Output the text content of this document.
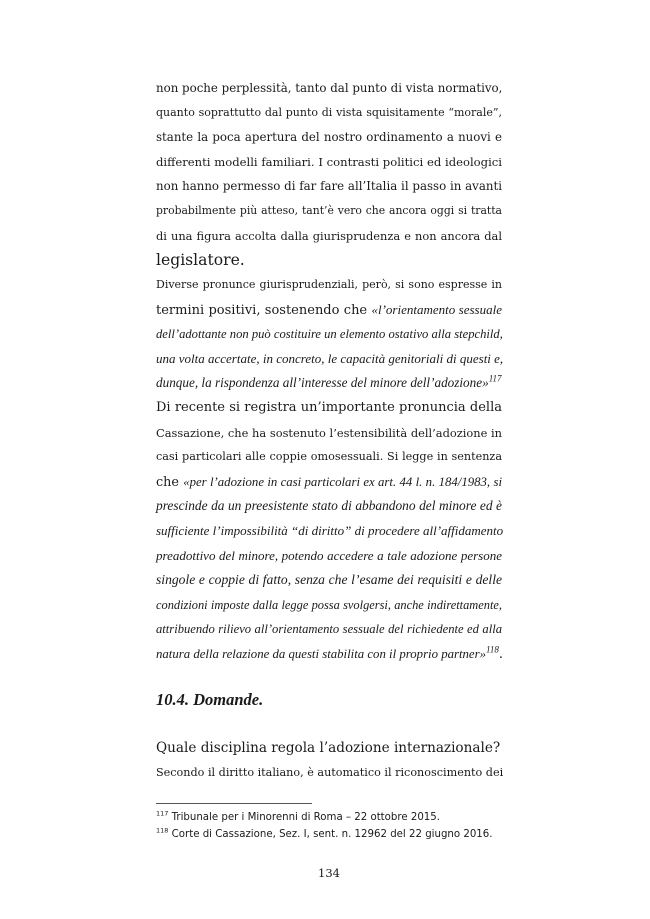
non poche perplessità, tanto dal punto di vista normativo,
quanto soprattutto dal punto di vista squisitamente “morale”,
stante la poca apertura del nostro ordinamento a nuovi e
differenti modelli familiari. I contrasti politici ed ideologici
non hanno permesso di far fare all’Italia il passo in avanti
probabilmente più atteso, tant’è vero che ancora oggi si tratta
di una figura accolta dalla giurisprudenza e non ancora dal
legislatore.
Diverse pronunce giurisprudenziali, però, si sono espresse in
termini positivi, sostenendo che «l’orientamento sessuale
dell’adottante non può costituire un elemento ostativo alla stepchild,
una volta accertate, in concreto, le capacità genitoriali di questi e,
dunque, la rispondenza all’interesse del minore dell’adozione»$^{117}$
Di recente si registra un’importante pronuncia della
Cassazione, che ha sostenuto l’estensibilità dell’adozione in
casi particolari alle coppie omosessuali. Si legge in sentenza
che «per l’adozione in casi particolari ex art. 44 l. n. 184/1983, si
prescinde da un preesistente stato di abbandono del minore ed è
sufficiente l’impossibilità “di diritto” di procedere all’affidamento
preadottivo del minore, potendo accedere a tale adozione persone
singole e coppie di fatto, senza che l’esame dei requisiti e delle
condizioni imposte dalla legge possa svolgersi, anche indirettamente,
attribuendo rilievo all’orientamento sessuale del richiedente ed alla
natura della relazione da questi stabilita con il proprio partner»$^{118}$.
10.4. Domande.
Quale disciplina regola l’adozione internazionale?
Secondo il diritto italiano, è automatico il riconoscimento dei
$^{117}$ Tribunale per i Minorenni di Roma – 22 ottobre 2015.
$^{118}$ Corte di Cassazione, Sez. I, sent. n. 12962 del 22 giugno 2016.
134
